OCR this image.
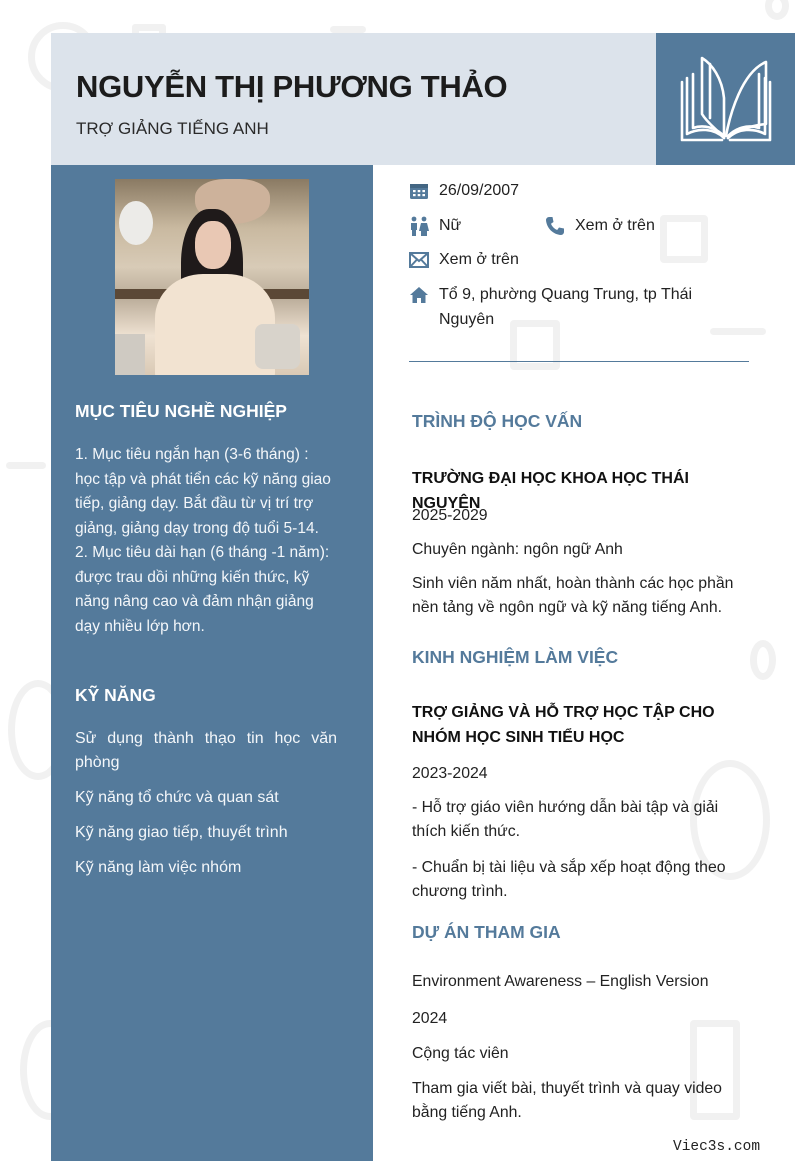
NGUYỄN THỊ PHƯƠNG THẢO
TRỢ GIẢNG TIẾNG ANH
MỤC TIÊU NGHỀ NGHIỆP
1. Mục tiêu ngắn hạn (3-6 tháng) : học tập và phát tiển các kỹ năng giao tiếp, giảng dạy. Bắt đầu từ vị trí trợ giảng, giảng dạy trong độ tuổi 5-14.
2. Mục tiêu dài hạn (6 tháng -1 năm): được trau dồi những kiến thức, kỹ năng nâng cao và đảm nhận giảng dạy nhiều lớp hơn.
KỸ NĂNG
Sử dụng thành thạo tin học văn phòng
Kỹ năng tổ chức và quan sát
Kỹ năng giao tiếp, thuyết trình
Kỹ năng làm việc nhóm
26/09/2007
Nữ	Xem ở trên
Xem ở trên
Tổ 9, phường Quang Trung, tp Thái Nguyên
TRÌNH ĐỘ HỌC VẤN
TRƯỜNG ĐẠI HỌC KHOA HỌC THÁI NGUYÊN
2025-2029
Chuyên ngành: ngôn ngữ Anh
Sinh viên năm nhất, hoàn thành các học phần nền tảng về ngôn ngữ và kỹ năng tiếng Anh.
KINH NGHIỆM LÀM VIỆC
TRỢ GIẢNG VÀ HỖ TRỢ HỌC TẬP CHO NHÓM HỌC SINH TIỂU HỌC
2023-2024
- Hỗ trợ giáo viên hướng dẫn bài tập và giải thích kiến thức.
- Chuẩn bị tài liệu và sắp xếp hoạt động theo chương trình.
DỰ ÁN THAM GIA
Environment Awareness – English Version
2024
Cộng tác viên
Tham gia viết bài, thuyết trình và quay video bằng tiếng Anh.
Viec3s.com
